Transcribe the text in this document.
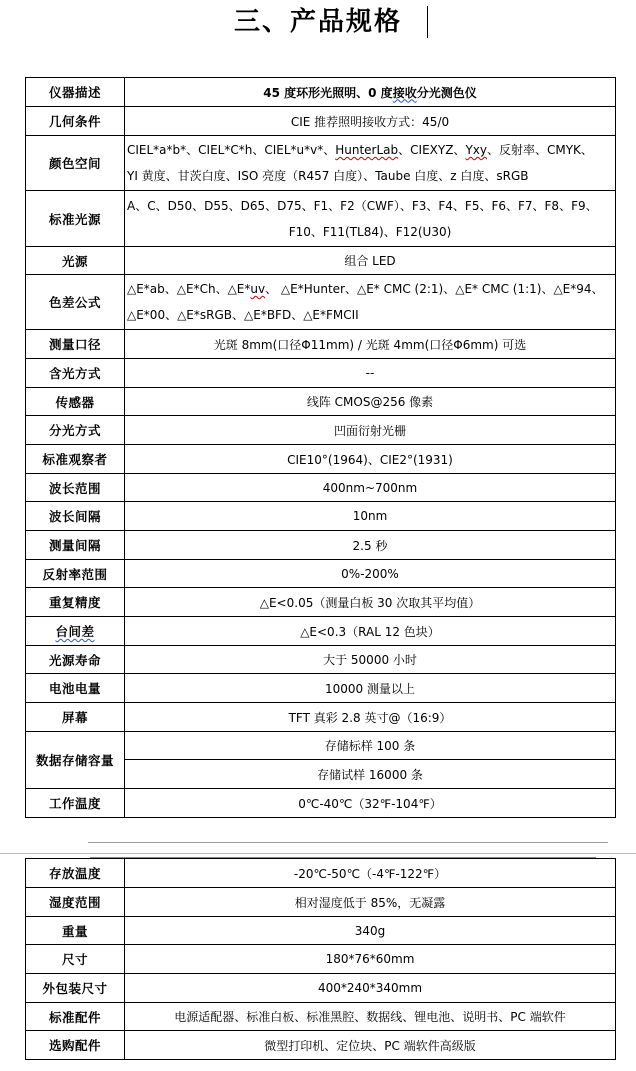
三、产品规格
仪器描述	45 度环形光照明、0 度接收分光测色仪
几何条件	CIE 推荐照明接收方式：45/0
颜色空间	CIEL*a*b*、CIEL*C*h、CIEL*u*v*、HunterLab、CIEXYZ、Yxy、反射率、CMYK、
YI 黄度、甘茨白度、ISO 亮度（R457 白度）、Taube 白度、z 白度、sRGB

标准光源	A、C、D50、D55、D65、D75、F1、F2（CWF）、F3、F4、F5、F6、F7、F8、F9、
F10、F11(TL84)、F12(U30)

光源	组合 LED
色差公式	△E*ab、△E*Ch、△E*uv、 △E*Hunter、△E* CMC (2:1)、△E* CMC (1:1)、△E*94、
△E*00、△E*sRGB、△E*BFD、△E*FMCII

测量口径	光斑 8mm(口径Φ11mm) / 光斑 4mm(口径Φ6mm) 可选
含光方式	--
传感器	线阵 CMOS@256 像素
分光方式	凹面衍射光栅
标准观察者	CIE10°(1964)、CIE2°(1931)
波长范围	400nm~700nm
波长间隔	10nm
测量间隔	2.5 秒
反射率范围	0%-200%
重复精度	△E<0.05（测量白板 30 次取其平均值）
台间差	△E<0.3（RAL 12 色块）
光源寿命	大于 50000 小时
电池电量	10000 测量以上
屏幕	TFT 真彩 2.8 英寸@（16:9）
数据存储容量	存储标样 100 条
	存储试样 16000 条
工作温度	0℃-40℃（32℉-104℉）
存放温度	-20℃-50℃（-4℉-122℉）
湿度范围	相对湿度低于 85%，无凝露
重量	340g
尺寸	180*76*60mm
外包装尺寸	400*240*340mm
标准配件	电源适配器、标准白板、标准黑腔、数据线、锂电池、说明书、PC 端软件
选购配件	微型打印机、定位块、PC 端软件高级版
